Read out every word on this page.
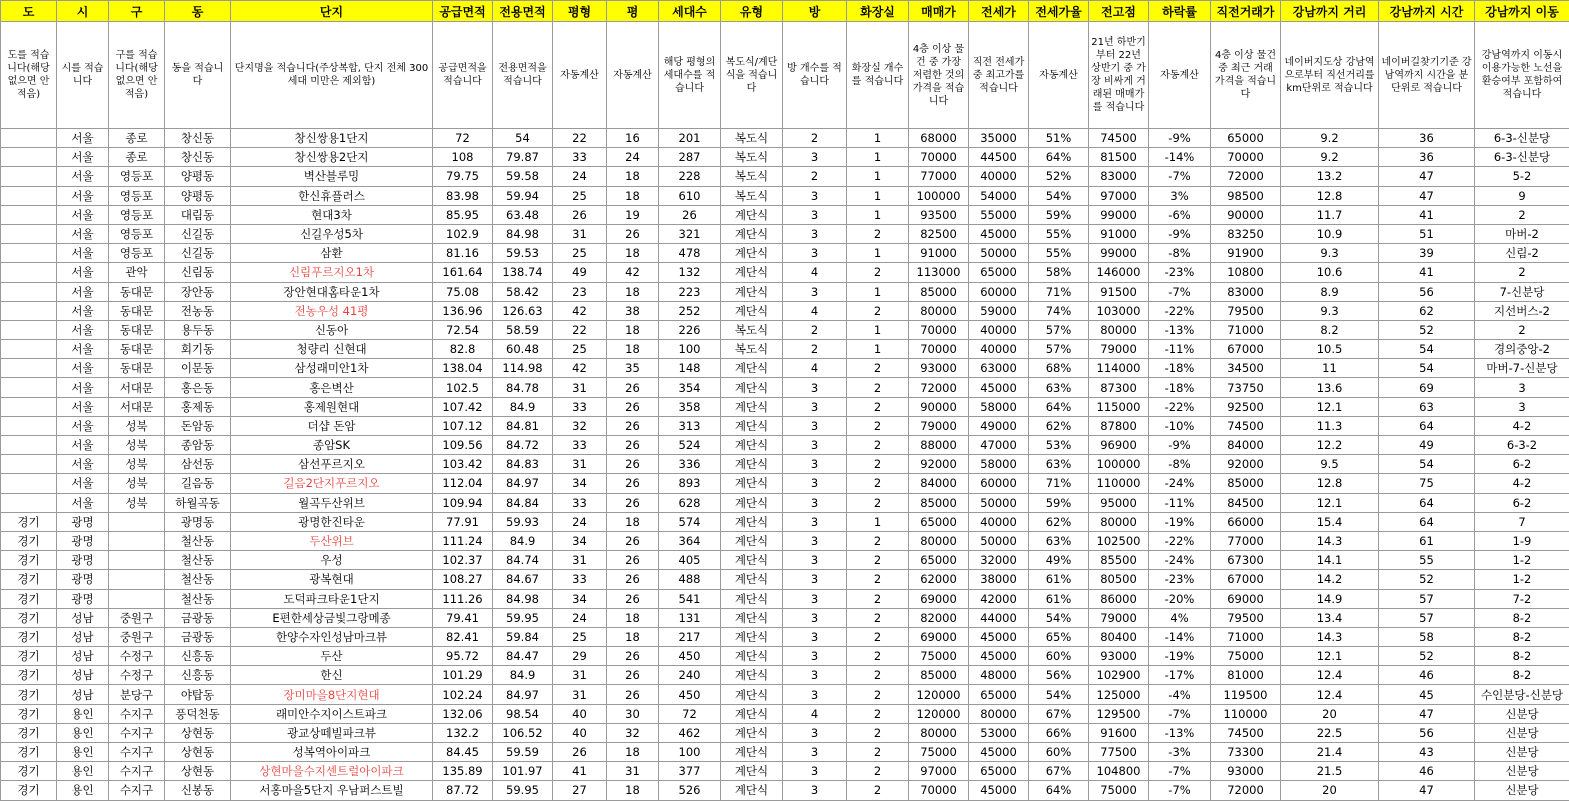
도	시	구	동	단지	공급면적	전용면적	평형	평	세대수	유형	방	화장실	매매가	전세가	전세가율	전고점	하락률	직전거래가	강남까지 거리	강남까지 시간	강남까지 이동
도를 적습니다(해당 없으면 안적음)	시를 적습니다	구를 적습니다(해당 없으면 안 적음)	동을 적습니다	단지명을 적습니다(주상복합, 단지 전체 300세대 미만은 제외함)	공급면적을 적습니다	전용면적을 적습니다	자동계산	자동계산	해당 평형의 세대수를 적습니다	복도식/계단식을 적습니다	방 개수를 적습니다	화장실 개수를 적습니다	4층 이상 물건 중 가장 저렴한 것의 가격을 적습니다	직전 전세가 중 최고가를 적습니다	자동계산	21년 하반기부터 22년 상반기 중 가장 비싸게 거래된 매매가를 적습니다	자동계산	4층 이상 물건 중 최근 거래 가격을 적습니다	네이버지도상 강남역으로부터 직선거리를 km단위로 적습니다	네이버길찾기기준 강남역까지 시간을 분단위로 적습니다	강남역까지 이동시 이용가능한 노선을 환승여부 포함하여 적습니다
	서울	종로	창신동	창신쌍용1단지	72	54	22	16	201	복도식	2	1	68000	35000	51%	74500	-9%	65000	9.2	36	6-3-신분당
	서울	종로	창신동	창신쌍용2단지	108	79.87	33	24	287	복도식	3	1	70000	44500	64%	81500	-14%	70000	9.2	36	6-3-신분당
	서울	영등포	양평동	벽산블루밍	79.75	59.58	24	18	228	복도식	2	1	77000	40000	52%	83000	-7%	72000	13.2	47	5-2
	서울	영등포	양평동	한신휴플러스	83.98	59.94	25	18	610	복도식	3	1	100000	54000	54%	97000	3%	98500	12.8	47	9
	서울	영등포	대림동	현대3차	85.95	63.48	26	19	26	계단식	3	1	93500	55000	59%	99000	-6%	90000	11.7	41	2
	서울	영등포	신길동	신길우성5차	102.9	84.98	31	26	321	계단식	3	2	82500	45000	55%	91000	-9%	83250	10.9	51	마버-2
	서울	영등포	신길동	삼환	81.16	59.53	25	18	478	계단식	3	1	91000	50000	55%	99000	-8%	91900	9.3	39	신림-2
	서울	관악	신림동	신림푸르지오1차	161.64	138.74	49	42	132	계단식	4	2	113000	65000	58%	146000	-23%	10800	10.6	41	2
	서울	동대문	장안동	장안현대홈타운1차	75.08	58.42	23	18	223	계단식	3	1	85000	60000	71%	91500	-7%	83000	8.9	56	7-신분당
	서울	동대문	전농동	전농우성 41평	136.96	126.63	42	38	252	계단식	4	2	80000	59000	74%	103000	-22%	79500	9.3	62	지선버스-2
	서울	동대문	용두동	신동아	72.54	58.59	22	18	226	복도식	2	1	70000	40000	57%	80000	-13%	71000	8.2	52	2
	서울	동대문	회기동	청량리 신현대	82.8	60.48	25	18	100	복도식	2	1	70000	40000	57%	79000	-11%	67000	10.5	54	경의중앙-2
	서울	동대문	이문동	삼성래미안1차	138.04	114.98	42	35	148	계단식	4	2	93000	63000	68%	114000	-18%	34500	11	54	마버-7-신분당
	서울	서대문	홍은동	홍은벽산	102.5	84.78	31	26	354	계단식	3	2	72000	45000	63%	87300	-18%	73750	13.6	69	3
	서울	서대문	홍제동	홍제원현대	107.42	84.9	33	26	358	계단식	3	2	90000	58000	64%	115000	-22%	92500	12.1	63	3
	서울	성북	돈암동	더샵 돈암	107.12	84.81	32	26	313	계단식	3	2	79000	49000	62%	87800	-10%	74500	11.3	64	4-2
	서울	성북	종암동	종암SK	109.56	84.72	33	26	524	계단식	3	2	88000	47000	53%	96900	-9%	84000	12.2	49	6-3-2
	서울	성북	삼선동	삼선푸르지오	103.42	84.83	31	26	336	계단식	3	2	92000	58000	63%	100000	-8%	92000	9.5	54	6-2
	서울	성북	길음동	길음2단지푸르지오	112.04	84.97	34	26	893	계단식	3	2	84000	60000	71%	110000	-24%	85000	12.8	75	4-2
	서울	성북	하월곡동	월곡두산위브	109.94	84.84	33	26	628	계단식	3	2	85000	50000	59%	95000	-11%	84500	12.1	64	6-2
경기	광명		광명동	광명한진타운	77.91	59.93	24	18	574	계단식	3	1	65000	40000	62%	80000	-19%	66000	15.4	64	7
경기	광명		철산동	두산위브	111.24	84.9	34	26	364	계단식	3	2	80000	50000	63%	102500	-22%	77000	14.3	61	1-9
경기	광명		철산동	우성	102.37	84.74	31	26	405	계단식	3	2	65000	32000	49%	85500	-24%	67300	14.1	55	1-2
경기	광명		철산동	광복현대	108.27	84.67	33	26	488	계단식	3	2	62000	38000	61%	80500	-23%	67000	14.2	52	1-2
경기	광명		철산동	도덕파크타운1단지	111.26	84.98	34	26	541	계단식	3	2	69000	42000	61%	86000	-20%	69000	14.9	57	7-2
경기	성남	중원구	금광동	E편한세상금빛그랑메종	79.41	59.95	24	18	131	계단식	3	2	82000	44000	54%	79000	4%	79500	13.4	57	8-2
경기	성남	중원구	금광동	한양수자인성남마크뷰	82.41	59.84	25	18	217	계단식	3	2	69000	45000	65%	80400	-14%	71000	14.3	58	8-2
경기	성남	수정구	신흥동	두산	95.72	84.47	29	26	450	계단식	3	2	75000	45000	60%	93000	-19%	75000	12.1	52	8-2
경기	성남	수정구	신흥동	한신	101.29	84.9	31	26	240	계단식	3	2	85000	48000	56%	102900	-17%	81000	12.4	46	8-2
경기	성남	분당구	야탑동	장미마을8단지현대	102.24	84.97	31	26	450	계단식	3	2	120000	65000	54%	125000	-4%	119500	12.4	45	수인분당-신분당
경기	용인	수지구	풍덕천동	래미안수지이스트파크	132.06	98.54	40	30	72	계단식	4	2	120000	80000	67%	129500	-7%	110000	20	47	신분당
경기	용인	수지구	상현동	광교상떼빌파크뷰	132.2	106.52	40	32	462	계단식	3	2	80000	53000	66%	91600	-13%	74500	22.5	56	신분당
경기	용인	수지구	상현동	성복역아이파크	84.45	59.59	26	18	100	계단식	3	2	75000	45000	60%	77500	-3%	73300	21.4	43	신분당
경기	용인	수지구	상현동	상현마을수지센트럴아이파크	135.89	101.97	41	31	377	계단식	3	2	97000	65000	67%	104800	-7%	93000	21.5	46	신분당
경기	용인	수지구	신봉동	서홍마을5단지 우남퍼스트빌	87.72	59.95	27	18	526	계단식	3	2	70000	45000	64%	75000	-7%	72000	20	47	신분당
